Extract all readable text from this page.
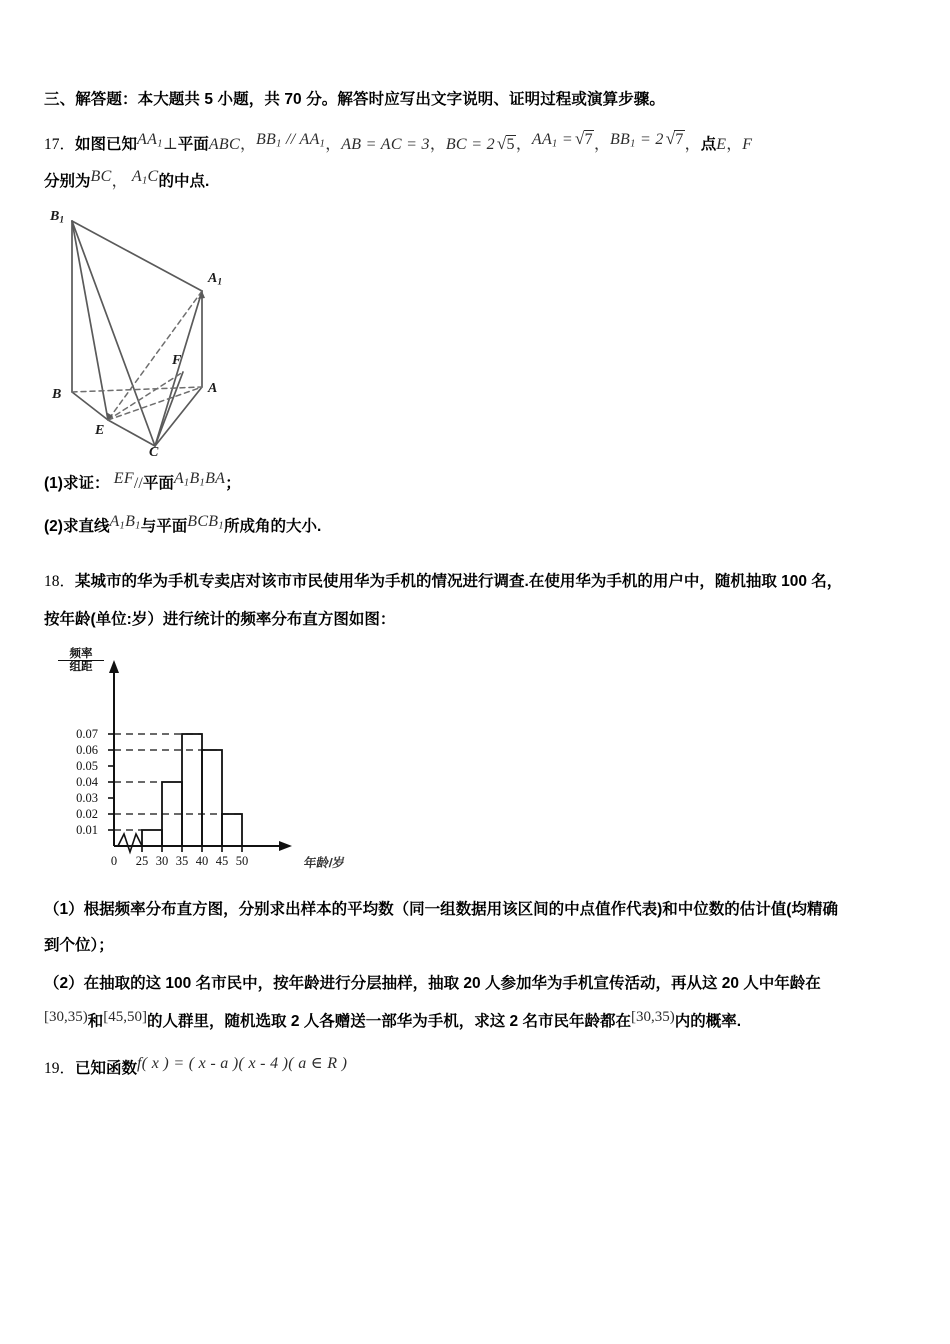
三、解答题：本大题共 5 小题，共 70 分。解答时应写出文字说明、证明过程或演算步骤。
17．如图已知$AA_1\perp$平面ABC，$BB_1 // AA_1$，AB = AC = 3，BC = 2 √5，$AA_1 = √7$，$BB_1 = 2$ √7，点E，F
分别为BC， $A_1C$的中点.
B1
A1
F
B	A
E
C
(1)求证： EF//平面$A_1B_1BA$；
(2)求直线$A_1B_1$与平面$BCB_1$所成角的大小.
18．某城市的华为手机专卖店对该市市民使用华为手机的情况进行调查.在使用华为手机的用户中，随机抽取 100 名，
按年龄(单位:岁）进行统计的频率分布直方图如图：
频率
组距
0.07
0.06
0.05
0.04
0.03
0.02
0.01
0	25 30 35 40 45 50	年龄/岁
（1）根据频率分布直方图，分别求出样本的平均数（同一组数据用该区间的中点值作代表)和中位数的估计值(均精确
到个位）；
（2）在抽取的这 100 名市民中，按年龄进行分层抽样，抽取 20 人参加华为手机宣传活动，再从这 20 人中年龄在
[30,35)和[45,50]的人群里，随机选取 2 人各赠送一部华为手机，求这 2 名市民年龄都在[30,35)内的概率.
19．已知函数f( x ) = ( x - a )( x - 4 )( a ∈ R )
